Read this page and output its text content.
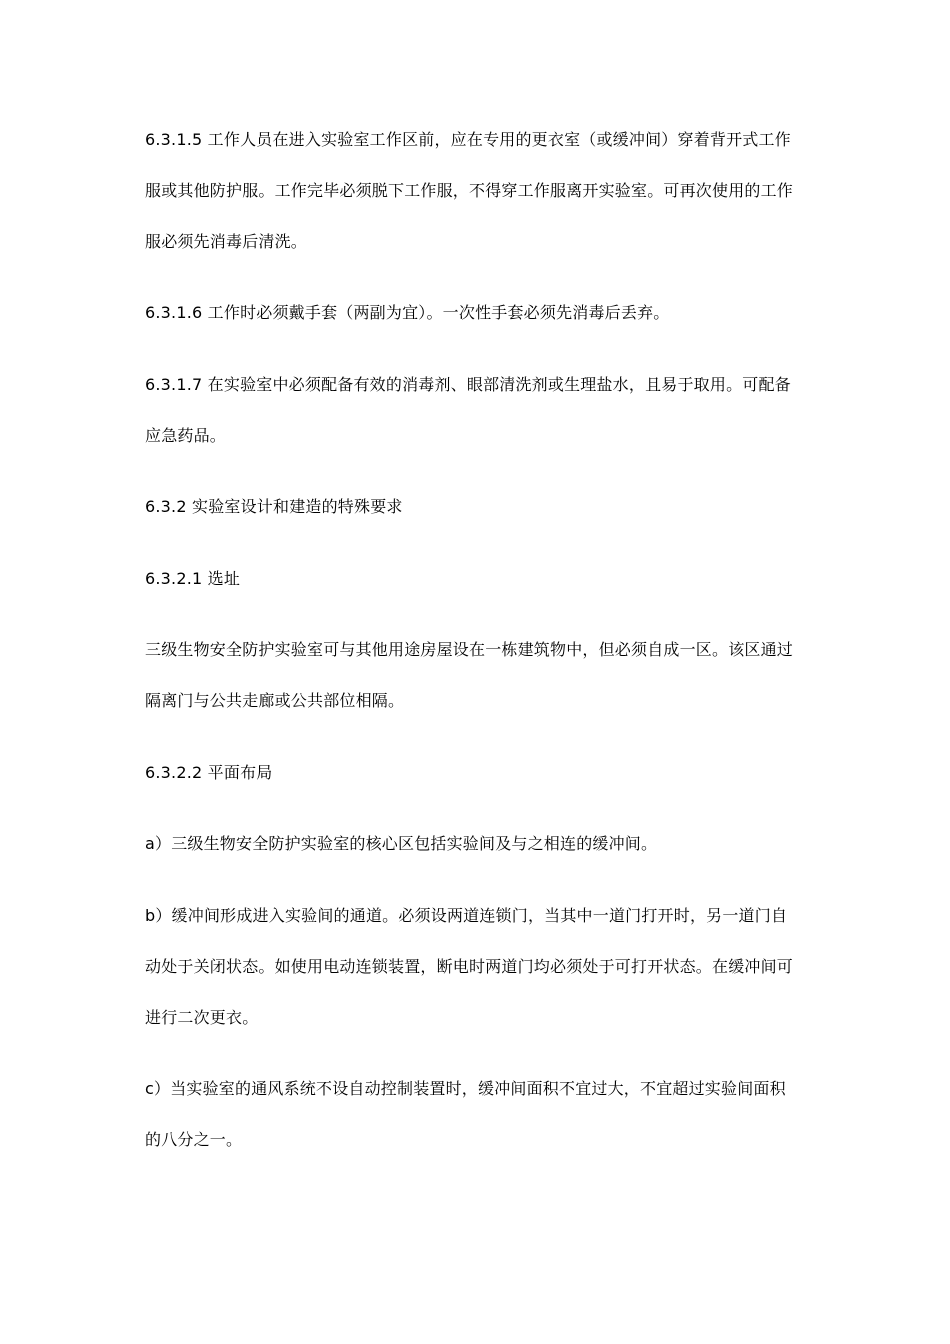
6.3.1.5 工作人员在进入实验室工作区前，应在专用的更衣室（或缓冲间）穿着背开式工作
服或其他防护服。工作完毕必须脱下工作服，不得穿工作服离开实验室。可再次使用的工作
服必须先消毒后清洗。
6.3.1.6 工作时必须戴手套（两副为宜）。一次性手套必须先消毒后丢弃。
6.3.1.7 在实验室中必须配备有效的消毒剂、眼部清洗剂或生理盐水，且易于取用。可配备
应急药品。
6.3.2 实验室设计和建造的特殊要求
6.3.2.1 选址
三级生物安全防护实验室可与其他用途房屋设在一栋建筑物中，但必须自成一区。该区通过
隔离门与公共走廊或公共部位相隔。
6.3.2.2 平面布局
a）三级生物安全防护实验室的核心区包括实验间及与之相连的缓冲间。
b）缓冲间形成进入实验间的通道。必须设两道连锁门，当其中一道门打开时，另一道门自
动处于关闭状态。如使用电动连锁装置，断电时两道门均必须处于可打开状态。在缓冲间可
进行二次更衣。
c）当实验室的通风系统不设自动控制装置时，缓冲间面积不宜过大，不宜超过实验间面积
的八分之一。
